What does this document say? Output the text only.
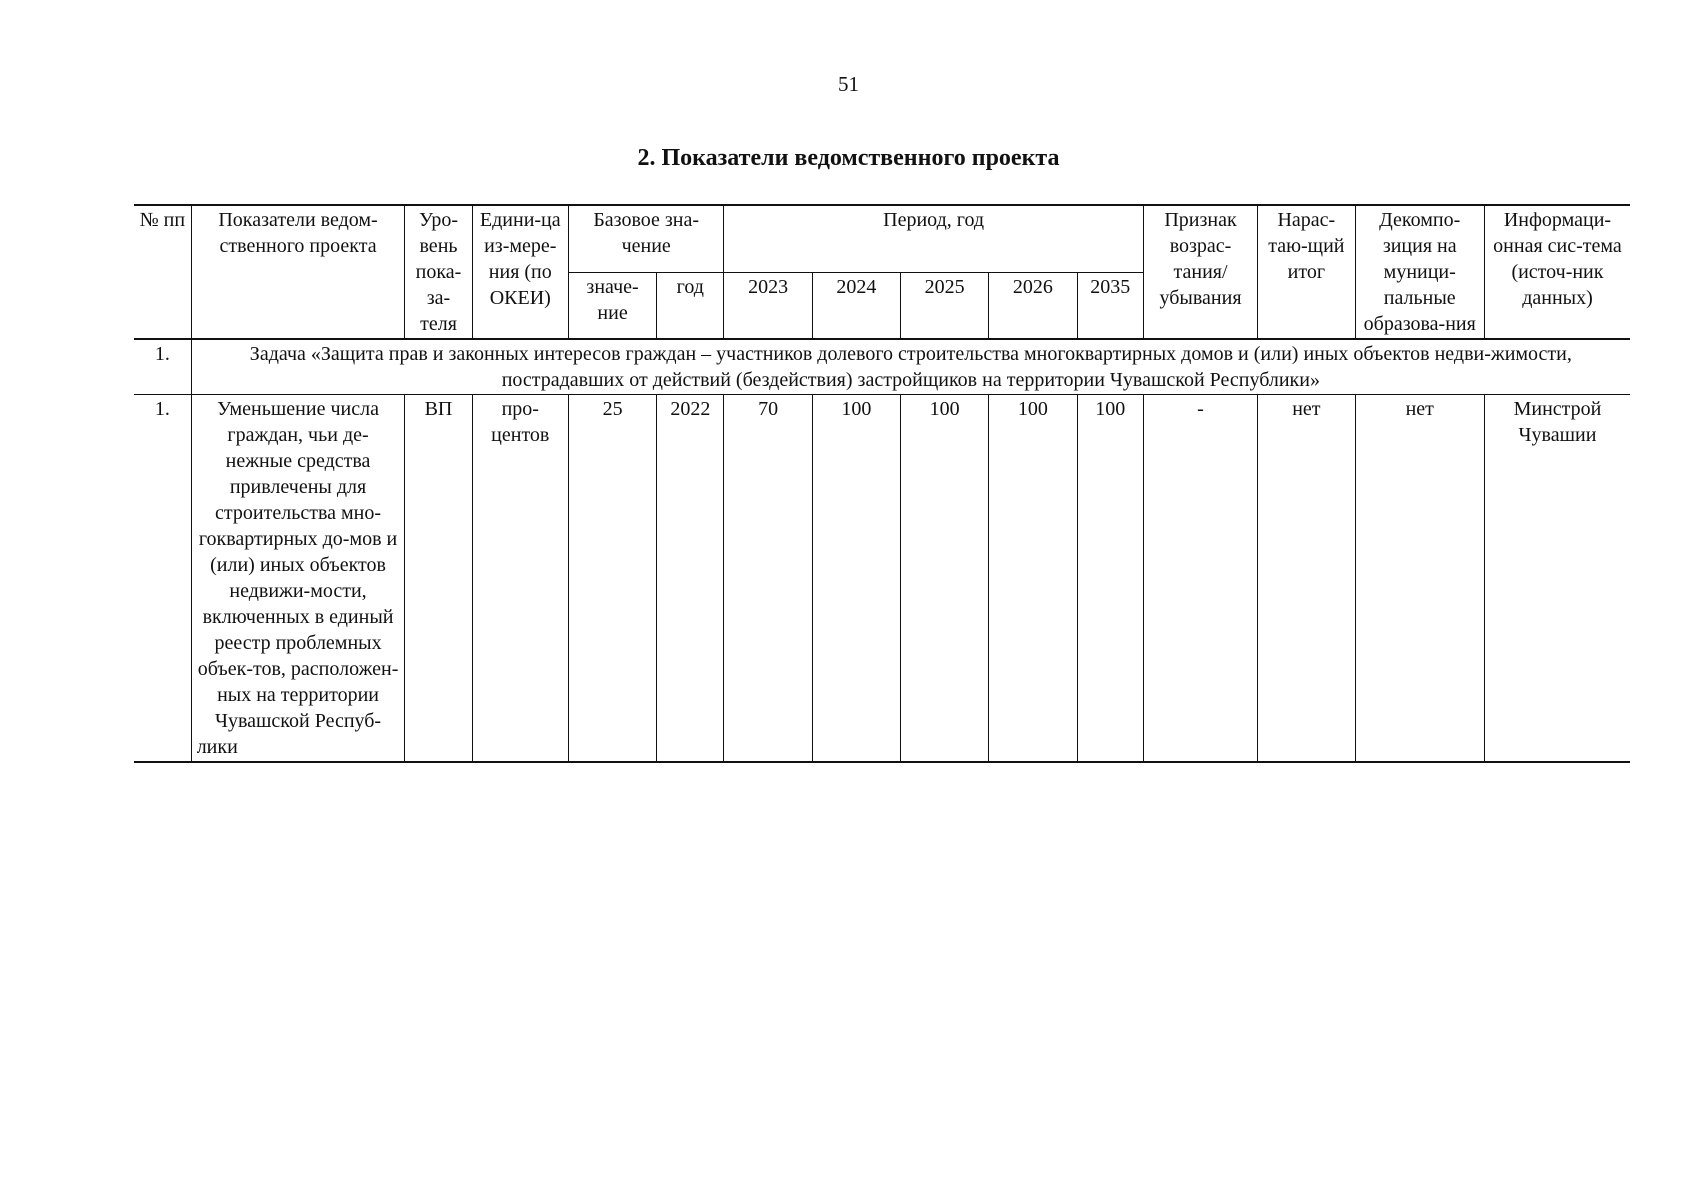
51
2. Показатели ведомственного проекта
№ пп	Показатели ведом-ственного проекта	Уро-вень пока-за-теля	Едини-ца из-мере-ния (по ОКЕИ)	Базовое зна-чение		Период, год					Признак возрас-тания/ убывания	Нарас-таю-щий итог	Декомпо-зиция на муници-пальные образова-ния	Информаци-онная сис-тема (источ-ник данных)
				значе-ние	год	2023	2024	2025	2026	2035				
1.	Задача «Защита прав и законных интересов граждан – участников долевого строительства многоквартирных домов и (или) иных объектов недви-жимости, пострадавших от действий (бездействия) застройщиков на территории Чувашской Республики»													

1.	Уменьшение числа граждан, чьи де-нежные средства привлечены для строительства мно-гоквартирных до-мов и (или) иных объектов недвижи-мости, включенных в единый реестр проблемных объек-тов, расположен-ных на территории Чувашской Респуб-лики	ВП	про-центов	25	2022	70	100	100	100	100	-	нет	нет	Минстрой Чувашии
